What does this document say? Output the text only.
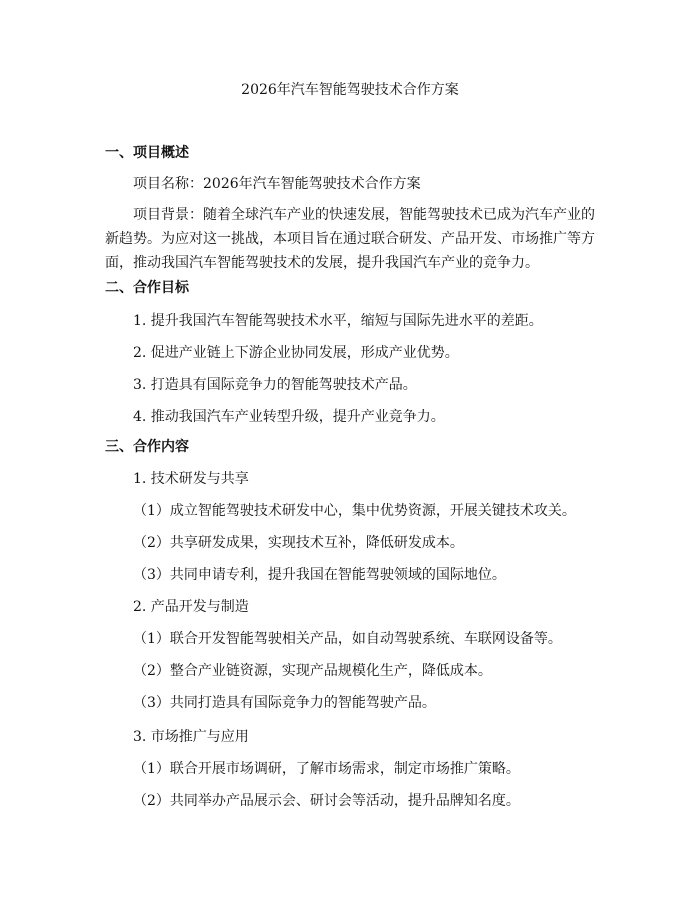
2026年汽车智能驾驶技术合作方案
一、项目概述
项目名称：2026年汽车智能驾驶技术合作方案
项目背景：随着全球汽车产业的快速发展，智能驾驶技术已成为汽车产业的新趋势。为应对这一挑战，本项目旨在通过联合研发、产品开发、市场推广等方面，推动我国汽车智能驾驶技术的发展，提升我国汽车产业的竞争力。
二、合作目标
1. 提升我国汽车智能驾驶技术水平，缩短与国际先进水平的差距。
2. 促进产业链上下游企业协同发展，形成产业优势。
3. 打造具有国际竞争力的智能驾驶技术产品。
4. 推动我国汽车产业转型升级，提升产业竞争力。
三、合作内容
1. 技术研发与共享
（1）成立智能驾驶技术研发中心，集中优势资源，开展关键技术攻关。
（2）共享研发成果，实现技术互补，降低研发成本。
（3）共同申请专利，提升我国在智能驾驶领域的国际地位。
2. 产品开发与制造
（1）联合开发智能驾驶相关产品，如自动驾驶系统、车联网设备等。
（2）整合产业链资源，实现产品规模化生产，降低成本。
（3）共同打造具有国际竞争力的智能驾驶产品。
3. 市场推广与应用
（1）联合开展市场调研，了解市场需求，制定市场推广策略。
（2）共同举办产品展示会、研讨会等活动，提升品牌知名度。
